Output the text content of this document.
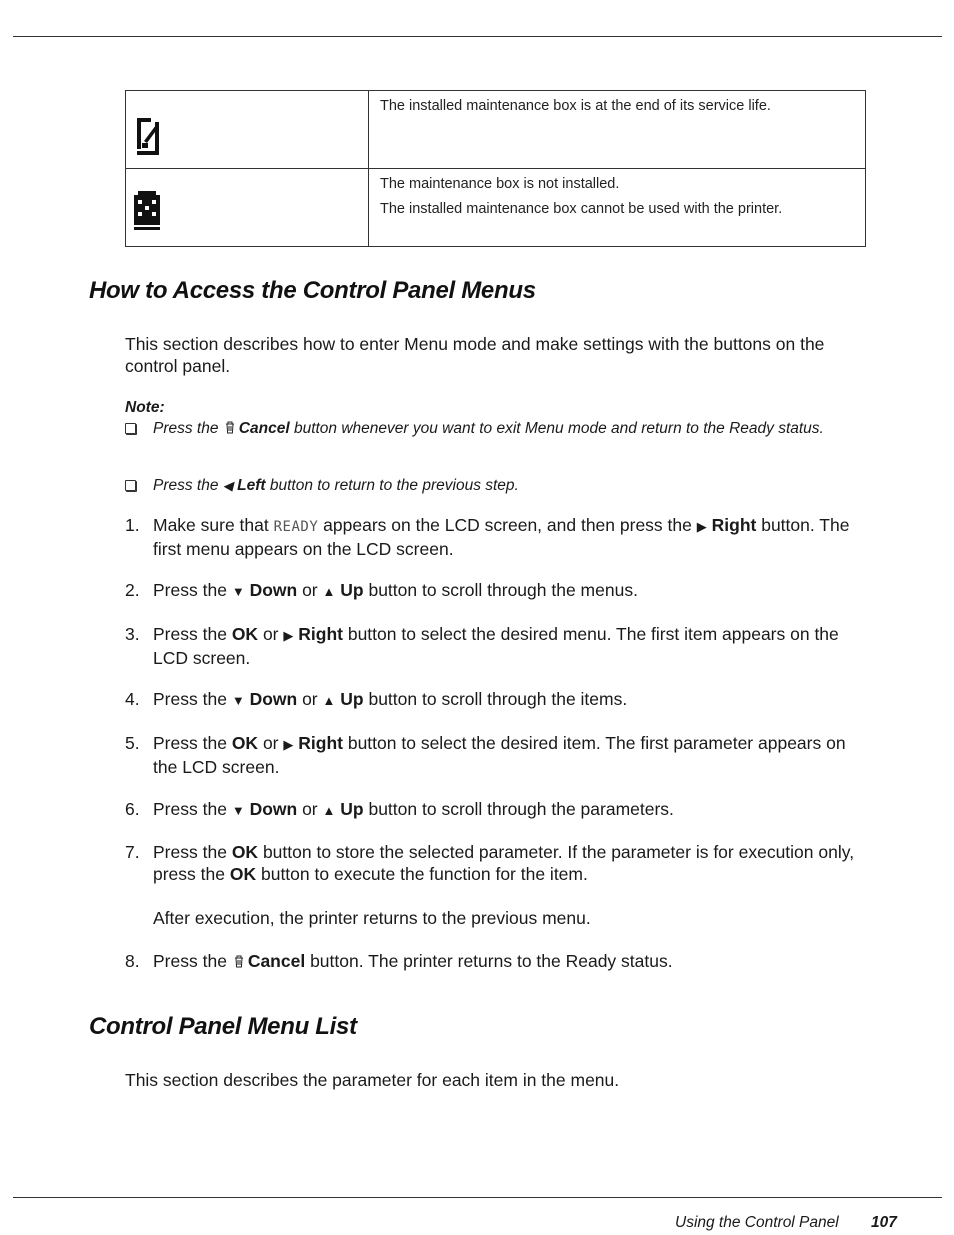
The installed maintenance box is at the end of its service life.

The maintenance box is not installed.

The installed maintenance box cannot be used with the printer.

How to Access the Control Panel Menus

This section describes how to enter Menu mode and make settings with the buttons on the control panel.

Note:

Press the Cancel button whenever you want to exit Menu mode and return to the Ready status.
Press the ◀ Left button to return to the previous step.
1. Make sure that READY appears on the LCD screen, and then press the ▶ Right button. The first menu appears on the LCD screen.
2. Press the ▼ Down or ▲ Up button to scroll through the menus.
3. Press the OK or ▶ Right button to select the desired menu. The first item appears on the LCD screen.
4. Press the ▼ Down or ▲ Up button to scroll through the items.
5. Press the OK or ▶ Right button to select the desired item. The first parameter appears on the LCD screen.
6. Press the ▼ Down or ▲ Up button to scroll through the parameters.
7. Press the OK button to store the selected parameter. If the parameter is for execution only, press the OK button to execute the function for the item.
After execution, the printer returns to the previous menu.
8. Press the Cancel button. The printer returns to the Ready status.
Control Panel Menu List

This section describes the parameter for each item in the menu.

Using the Control Panel 107
